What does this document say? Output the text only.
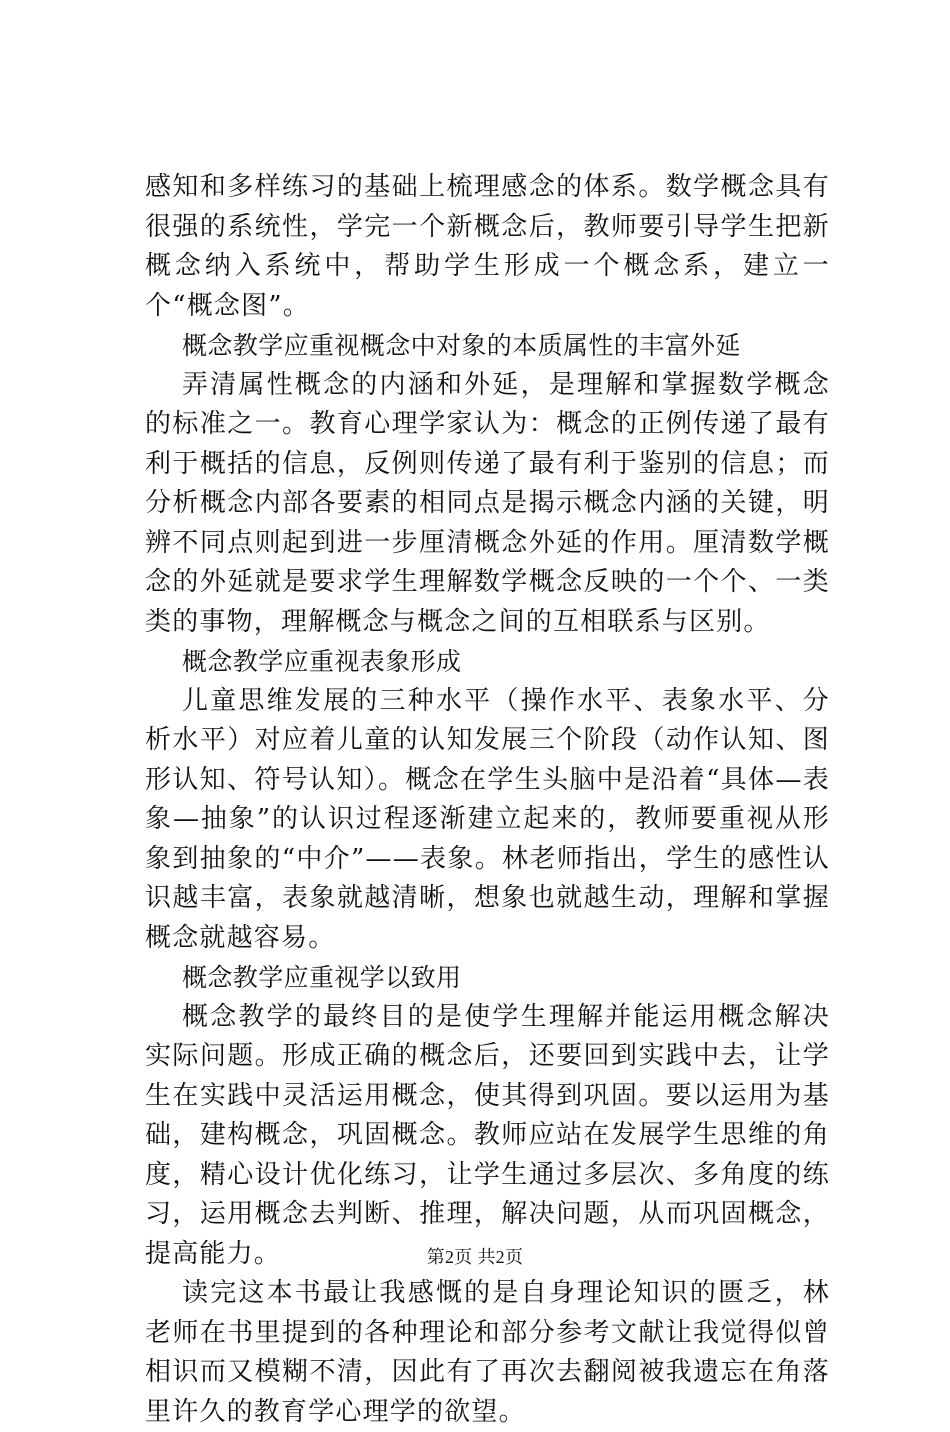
感知和多样练习的基础上梳理感念的体系。数学概念具有很强的系统性，学完一个新概念后，教师要引导学生把新概念纳入系统中，帮助学生形成一个概念系，建立一个“概念图”。

概念教学应重视概念中对象的本质属性的丰富外延

弄清属性概念的内涵和外延，是理解和掌握数学概念的标准之一。教育心理学家认为：概念的正例传递了最有利于概括的信息，反例则传递了最有利于鉴别的信息；而分析概念内部各要素的相同点是揭示概念内涵的关键，明辨不同点则起到进一步厘清概念外延的作用。厘清数学概念的外延就是要求学生理解数学概念反映的一个个、一类类的事物，理解概念与概念之间的互相联系与区别。

概念教学应重视表象形成

儿童思维发展的三种水平（操作水平、表象水平、分析水平）对应着儿童的认知发展三个阶段（动作认知、图形认知、符号认知）。概念在学生头脑中是沿着“具体—表象—抽象”的认识过程逐渐建立起来的，教师要重视从形象到抽象的“中介”——表象。林老师指出，学生的感性认识越丰富，表象就越清晰，想象也就越生动，理解和掌握概念就越容易。

概念教学应重视学以致用

概念教学的最终目的是使学生理解并能运用概念解决实际问题。形成正确的概念后，还要回到实践中去，让学生在实践中灵活运用概念，使其得到巩固。要以运用为基础，建构概念，巩固概念。教师应站在发展学生思维的角度，精心设计优化练习，让学生通过多层次、多角度的练习，运用概念去判断、推理，解决问题，从而巩固概念，提高能力。

读完这本书最让我感慨的是自身理论知识的匮乏，林老师在书里提到的各种理论和部分参考文献让我觉得似曾相识而又模糊不清，因此有了再次去翻阅被我遗忘在角落里许久的教育学心理学的欲望。

第2页 共2页
